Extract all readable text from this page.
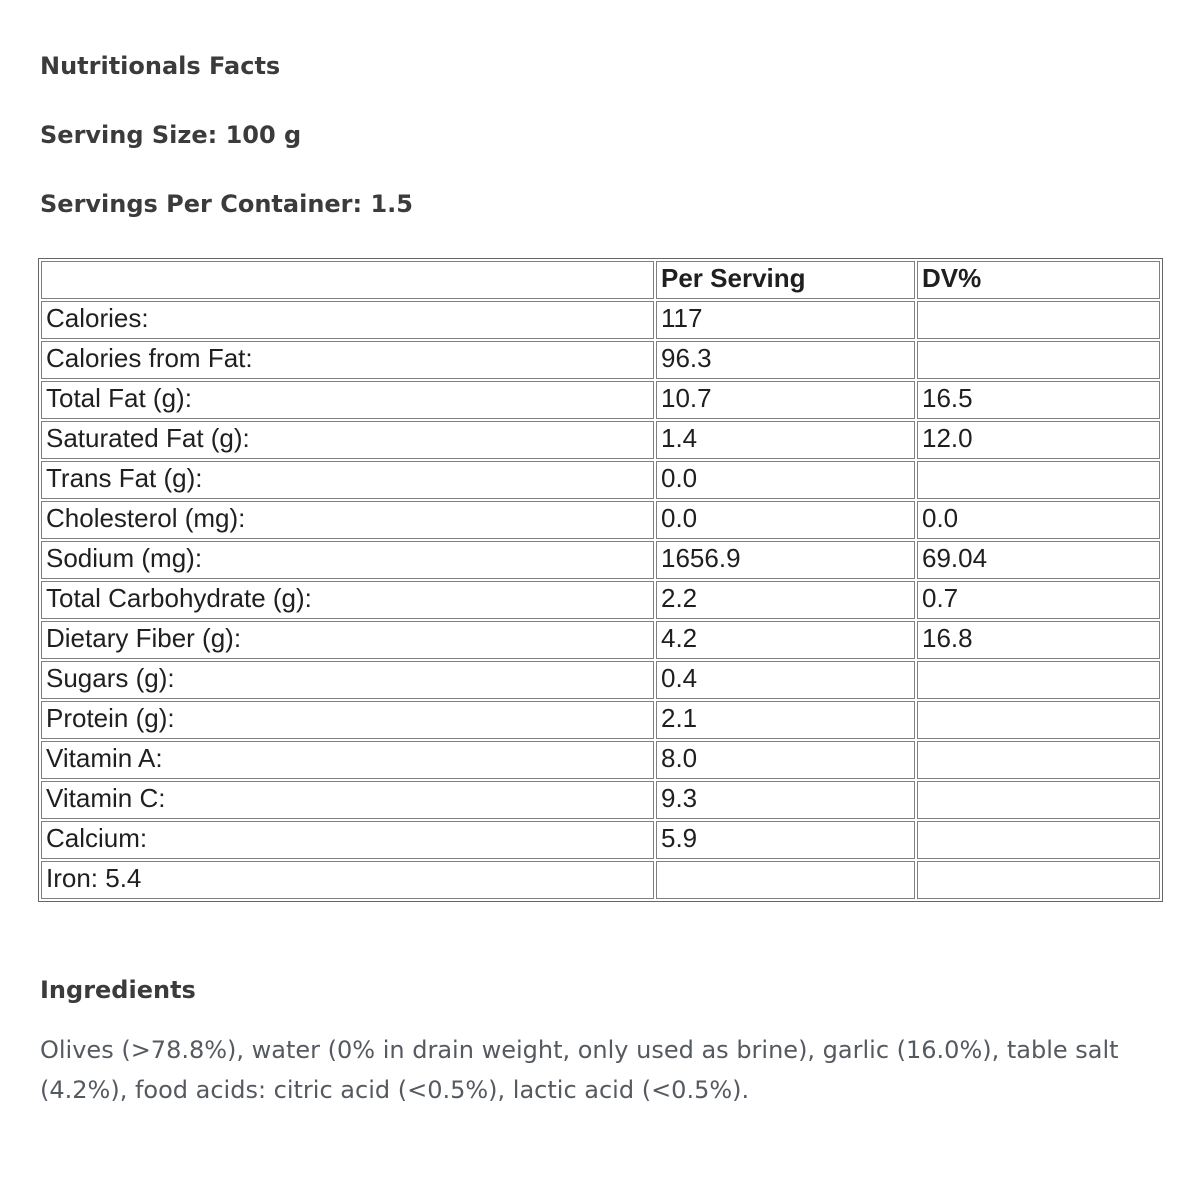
Nutritionals Facts

Serving Size: 100 g

Servings Per Container: 1.5

	Per Serving	DV%
Calories:	117	
Calories from Fat:	96.3	
Total Fat (g):	10.7	16.5
Saturated Fat (g):	1.4	12.0
Trans Fat (g):	0.0	
Cholesterol (mg):	0.0	0.0
Sodium (mg):	1656.9	69.04
Total Carbohydrate (g):	2.2	0.7
Dietary Fiber (g):	4.2	16.8
Sugars (g):	0.4	
Protein (g):	2.1	
Vitamin A:	8.0	
Vitamin C:	9.3	
Calcium:	5.9	
Iron: 5.4		

Ingredients

Olives (>78.8%), water (0% in drain weight, only used as brine), garlic (16.0%), table salt (4.2%), food acids: citric acid (<0.5%), lactic acid (<0.5%).
